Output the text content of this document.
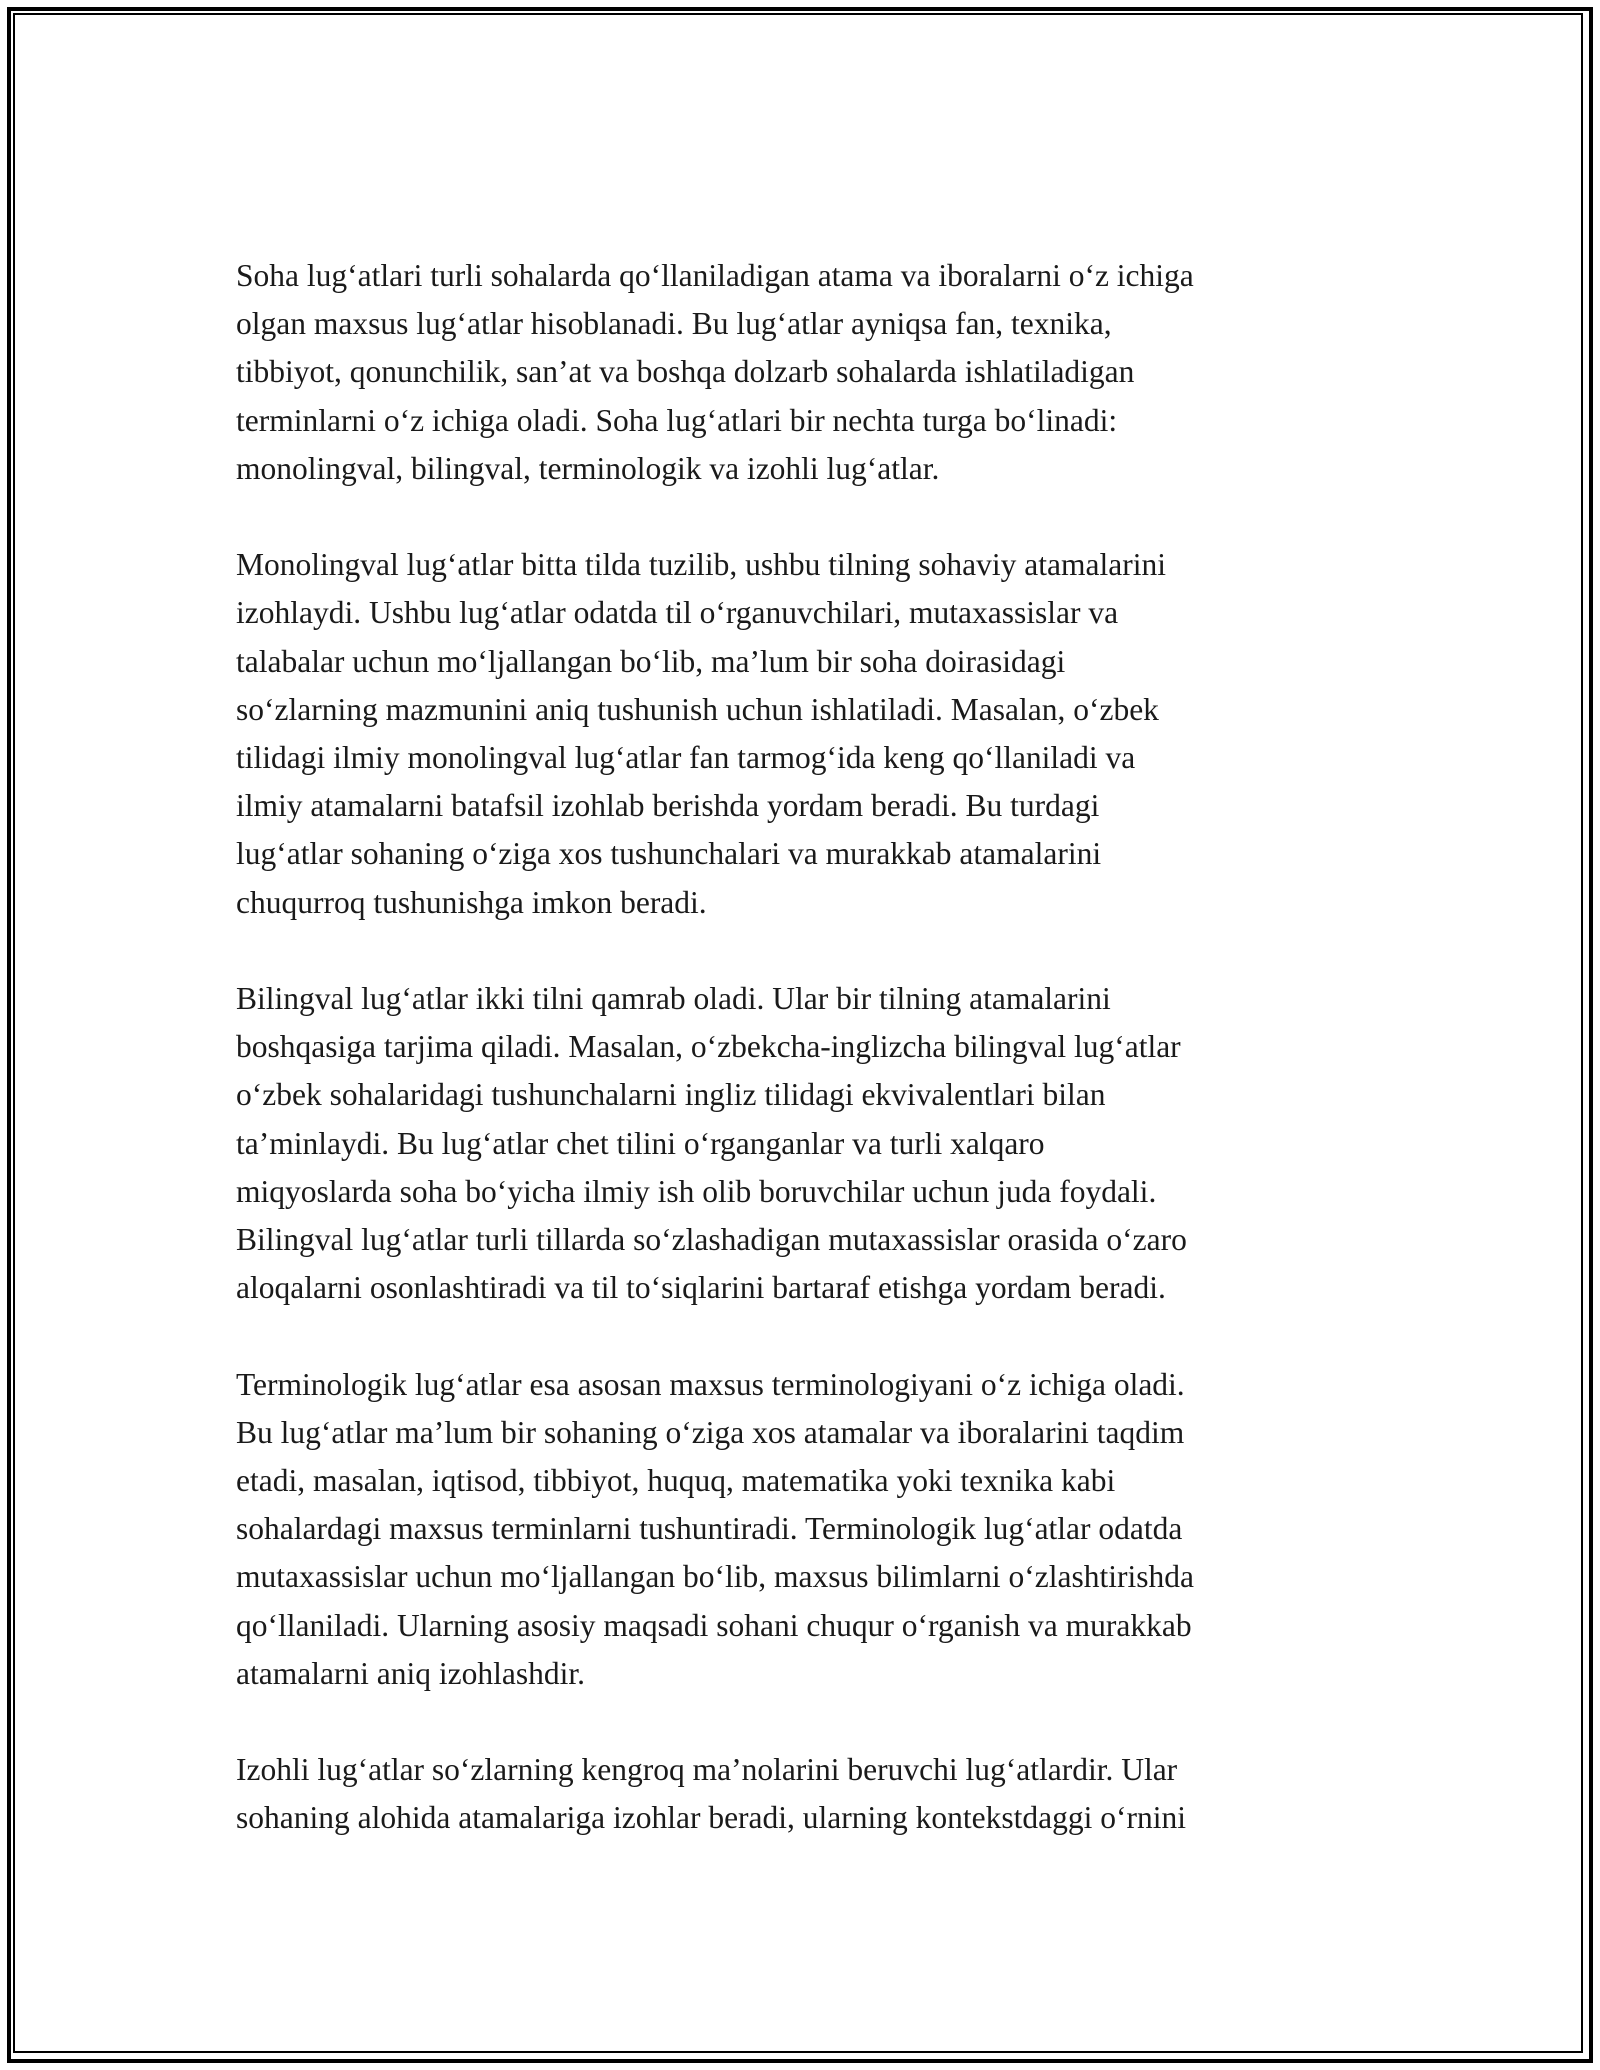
Soha lug‘atlari turli sohalarda qo‘llaniladigan atama va iboralarni o‘z ichiga
olgan maxsus lug‘atlar hisoblanadi. Bu lug‘atlar ayniqsa fan, texnika,
tibbiyot, qonunchilik, san’at va boshqa dolzarb sohalarda ishlatiladigan
terminlarni o‘z ichiga oladi. Soha lug‘atlari bir nechta turga bo‘linadi:
monolingval, bilingval, terminologik va izohli lug‘atlar.

Monolingval lug‘atlar bitta tilda tuzilib, ushbu tilning sohaviy atamalarini
izohlaydi. Ushbu lug‘atlar odatda til o‘rganuvchilari, mutaxassislar va
talabalar uchun mo‘ljallangan bo‘lib, ma’lum bir soha doirasidagi
so‘zlarning mazmunini aniq tushunish uchun ishlatiladi. Masalan, o‘zbek
tilidagi ilmiy monolingval lug‘atlar fan tarmog‘ida keng qo‘llaniladi va
ilmiy atamalarni batafsil izohlab berishda yordam beradi. Bu turdagi
lug‘atlar sohaning o‘ziga xos tushunchalari va murakkab atamalarini
chuqurroq tushunishga imkon beradi.

Bilingval lug‘atlar ikki tilni qamrab oladi. Ular bir tilning atamalarini
boshqasiga tarjima qiladi. Masalan, o‘zbekcha-inglizcha bilingval lug‘atlar
o‘zbek sohalaridagi tushunchalarni ingliz tilidagi ekvivalentlari bilan
ta’minlaydi. Bu lug‘atlar chet tilini o‘rganganlar va turli xalqaro
miqyoslarda soha bo‘yicha ilmiy ish olib boruvchilar uchun juda foydali.
Bilingval lug‘atlar turli tillarda so‘zlashadigan mutaxassislar orasida o‘zaro
aloqalarni osonlashtiradi va til to‘siqlarini bartaraf etishga yordam beradi.

Terminologik lug‘atlar esa asosan maxsus terminologiyani o‘z ichiga oladi.
Bu lug‘atlar ma’lum bir sohaning o‘ziga xos atamalar va iboralarini taqdim
etadi, masalan, iqtisod, tibbiyot, huquq, matematika yoki texnika kabi
sohalardagi maxsus terminlarni tushuntiradi. Terminologik lug‘atlar odatda
mutaxassislar uchun mo‘ljallangan bo‘lib, maxsus bilimlarni o‘zlashtirishda
qo‘llaniladi. Ularning asosiy maqsadi sohani chuqur o‘rganish va murakkab
atamalarni aniq izohlashdir.

Izohli lug‘atlar so‘zlarning kengroq ma’nolarini beruvchi lug‘atlardir. Ular
sohaning alohida atamalariga izohlar beradi, ularning kontekstdaggi o‘rnini
